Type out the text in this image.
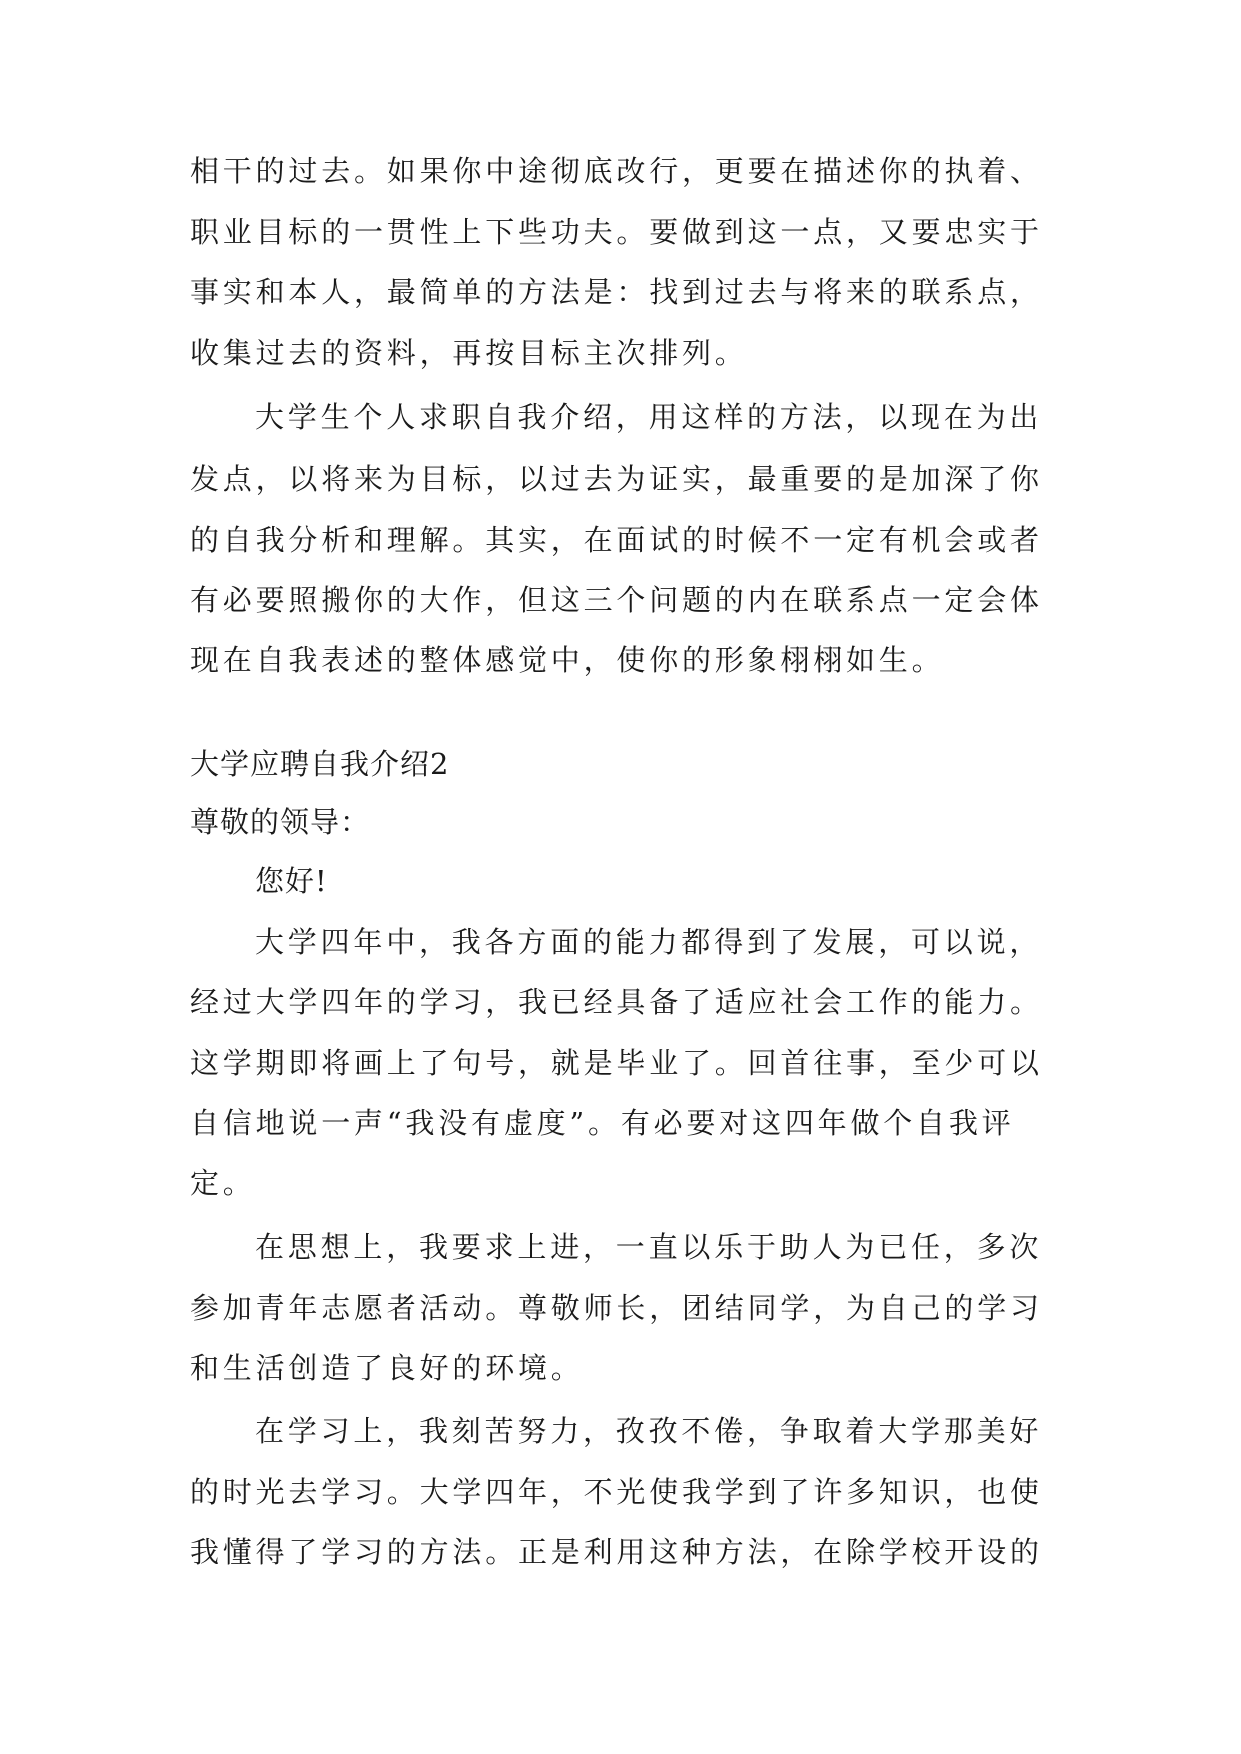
相干的过去。如果你中途彻底改行，更要在描述你的执着、
职业目标的一贯性上下些功夫。要做到这一点，又要忠实于
事实和本人，最简单的方法是：找到过去与将来的联系点，
收集过去的资料，再按目标主次排列。
大学生个人求职自我介绍，用这样的方法，以现在为出
发点，以将来为目标，以过去为证实，最重要的是加深了你
的自我分析和理解。其实，在面试的时候不一定有机会或者
有必要照搬你的大作，但这三个问题的内在联系点一定会体
现在自我表述的整体感觉中，使你的形象栩栩如生。
大学应聘自我介绍2
尊敬的领导：
您好!
大学四年中，我各方面的能力都得到了发展，可以说，
经过大学四年的学习，我已经具备了适应社会工作的能力。
这学期即将画上了句号，就是毕业了。回首往事，至少可以
自信地说一声“我没有虚度”。有必要对这四年做个自我评
定。
在思想上，我要求上进，一直以乐于助人为已任，多次
参加青年志愿者活动。尊敬师长，团结同学，为自己的学习
和生活创造了良好的环境。
在学习上，我刻苦努力，孜孜不倦，争取着大学那美好
的时光去学习。大学四年，不光使我学到了许多知识，也使
我懂得了学习的方法。正是利用这种方法，在除学校开设的
